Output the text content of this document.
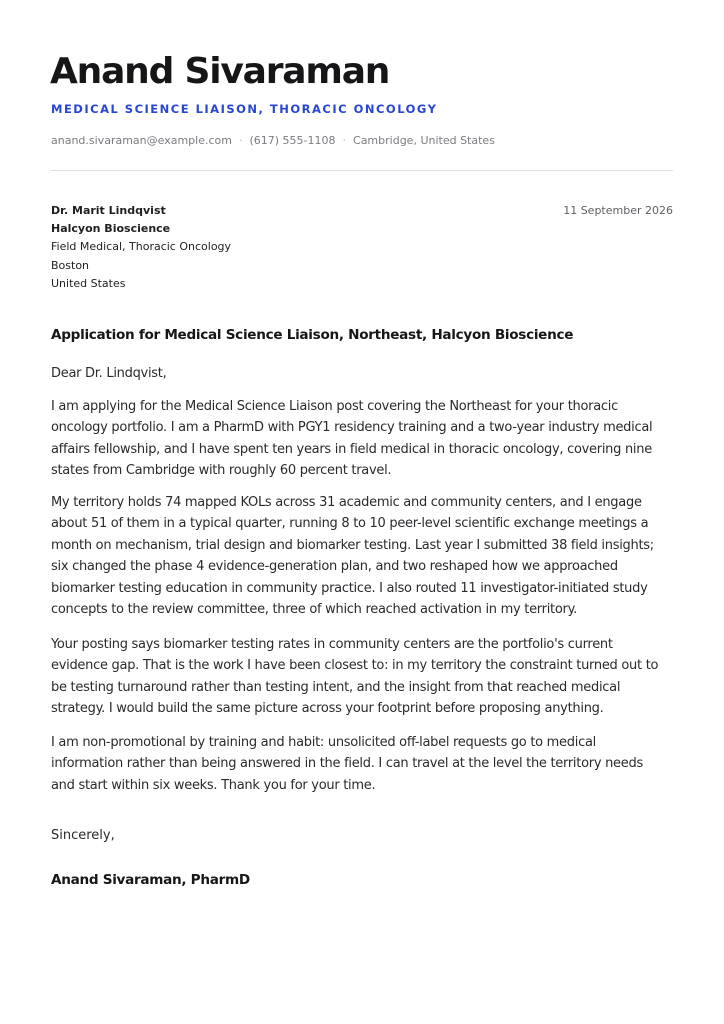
Anand Sivaraman
MEDICAL SCIENCE LIAISON, THORACIC ONCOLOGY
anand.sivaraman@example.com · (617) 555-1108 · Cambridge, United States
Dr. Marit Lindqvist
Halcyon Bioscience
Field Medical, Thoracic Oncology
Boston
United States
11 September 2026
Application for Medical Science Liaison, Northeast, Halcyon Bioscience
Dear Dr. Lindqvist,
I am applying for the Medical Science Liaison post covering the Northeast for your thoracic
oncology portfolio. I am a PharmD with PGY1 residency training and a two-year industry medical
affairs fellowship, and I have spent ten years in field medical in thoracic oncology, covering nine
states from Cambridge with roughly 60 percent travel.
My territory holds 74 mapped KOLs across 31 academic and community centers, and I engage
about 51 of them in a typical quarter, running 8 to 10 peer-level scientific exchange meetings a
month on mechanism, trial design and biomarker testing. Last year I submitted 38 field insights;
six changed the phase 4 evidence-generation plan, and two reshaped how we approached
biomarker testing education in community practice. I also routed 11 investigator-initiated study
concepts to the review committee, three of which reached activation in my territory.
Your posting says biomarker testing rates in community centers are the portfolio's current
evidence gap. That is the work I have been closest to: in my territory the constraint turned out to
be testing turnaround rather than testing intent, and the insight from that reached medical
strategy. I would build the same picture across your footprint before proposing anything.
I am non-promotional by training and habit: unsolicited off-label requests go to medical
information rather than being answered in the field. I can travel at the level the territory needs
and start within six weeks. Thank you for your time.
Sincerely,
Anand Sivaraman, PharmD
